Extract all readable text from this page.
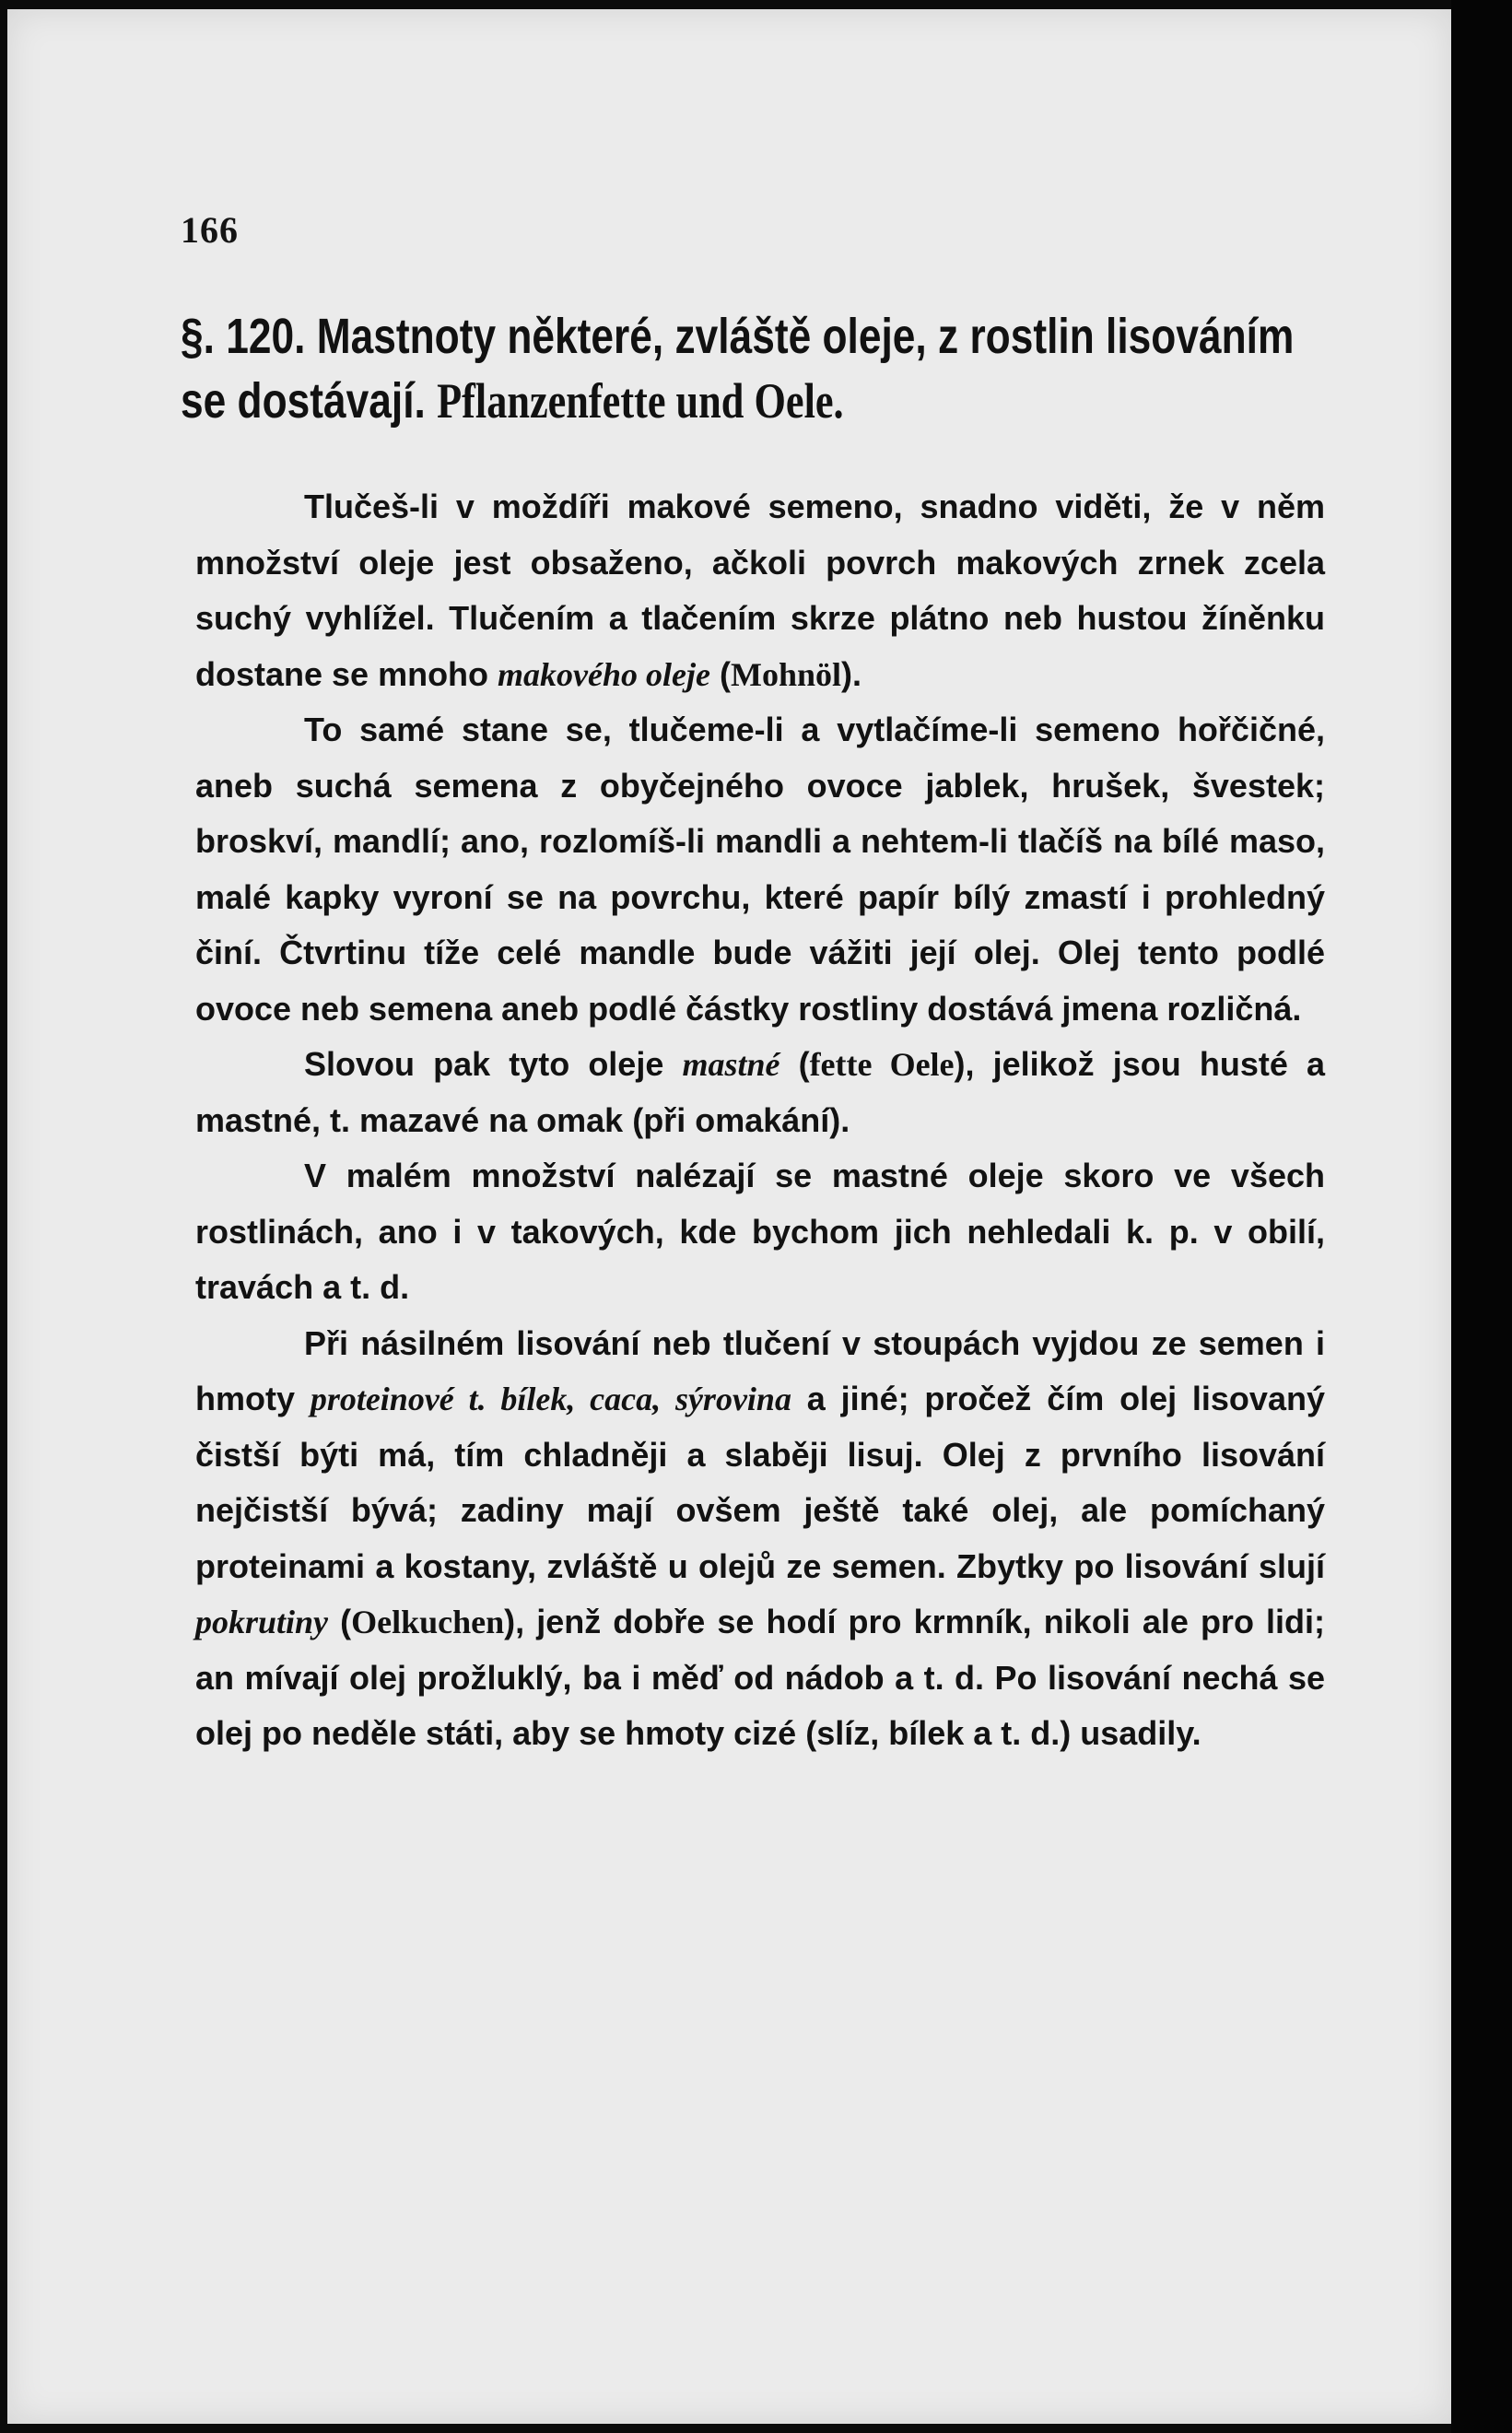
166
§. 120. Mastnoty některé, zvláště oleje, z rostlin lisováním se dostávají. Pflanzenfette und Oele.

Tlučeš-li v moždíři makové semeno, snadno viděti, že v něm množství oleje jest obsaženo, ačkoli povrch makových zrnek zcela suchý vyhlížel. Tlučením a tlačením skrze plátno neb hustou žíněnku dostane se mnoho makového oleje (Mohnöl).

To samé stane se, tlučeme-li a vytlačíme-li semeno hořčičné, aneb suchá semena z obyčejného ovoce jablek, hrušek, švestek; broskví, mandlí; ano, rozlomíš-li mandli a nehtem-li tlačíš na bílé maso, malé kapky vyroní se na povrchu, které papír bílý zmastí i prohledný činí. Čtvrtinu tíže celé mandle bude vážiti její olej. Olej tento podlé ovoce neb semena aneb podlé částky rostliny dostává jmena rozličná.

Slovou pak tyto oleje mastné (fette Oele), jelikož jsou husté a mastné, t. mazavé na omak (při omakání).

V malém množství nalézají se mastné oleje skoro ve všech rostlinách, ano i v takových, kde bychom jich nehledali k. p. v obilí, travách a t. d.

Při násilném lisování neb tlučení v stoupách vyjdou ze semen i hmoty proteinové t. bílek, caca, sýrovina a jiné; pročež čím olej lisovaný čistší býti má, tím chladněji a slaběji lisuj. Olej z prvního lisování nejčistší bývá; zadiny mají ovšem ještě také olej, ale pomíchaný proteinami a kostany, zvláště u olejů ze semen. Zbytky po lisování slují pokrutiny (Oelkuchen), jenž dobře se hodí pro krmník, nikoli ale pro lidi; an mívají olej prožluklý, ba i měď od nádob a t. d. Po lisování nechá se olej po neděle státi, aby se hmoty cizé (slíz, bílek a t. d.) usadily.
